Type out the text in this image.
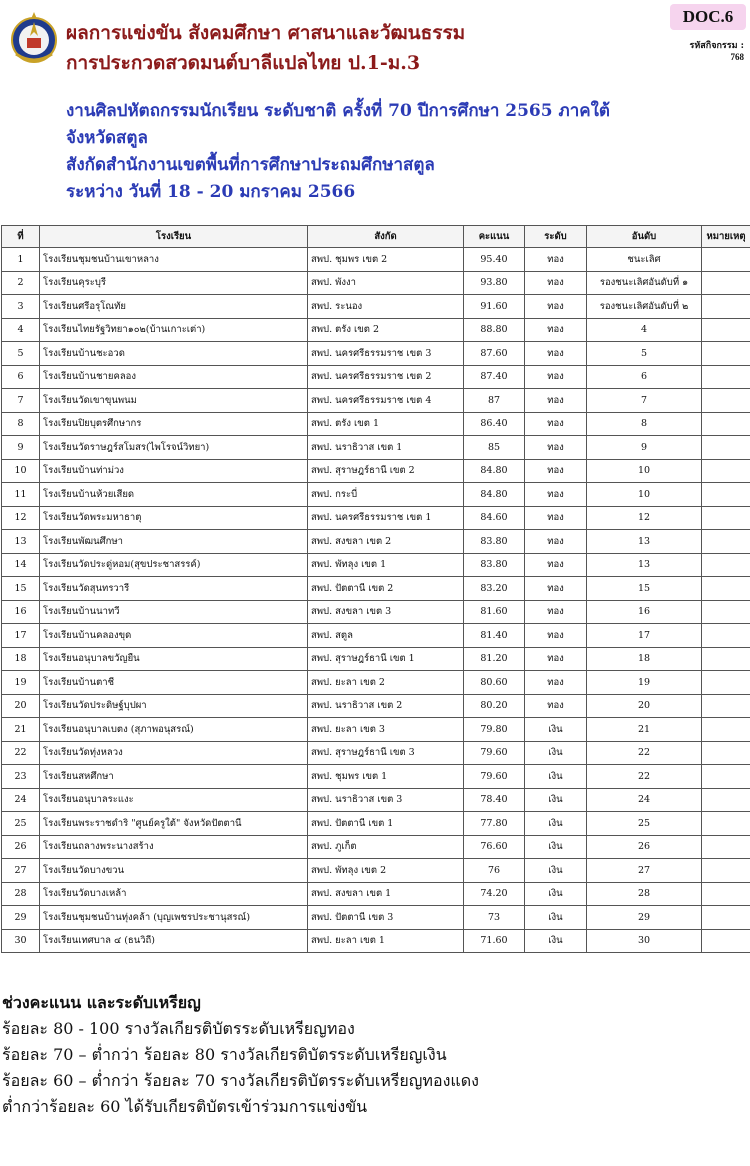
ผลการแข่งขัน สังคมศึกษา ศาสนาและวัฒนธรรม
การประกวดสวดมนต์บาลีแปลไทย ป.1-ม.3
DOC.6
รหัสกิจกรรม :
768
งานศิลปหัตถกรรมนักเรียน ระดับชาติ ครั้งที่ 70 ปีการศึกษา 2565 ภาคใต้
จังหวัดสตูล
สังกัดสำนักงานเขตพื้นที่การศึกษาประถมศึกษาสตูล
ระหว่าง วันที่ 18 - 20 มกราคม 2566
ที่	โรงเรียน	สังกัด	คะแนน	ระดับ	อันดับ	หมายเหตุ
1	โรงเรียนชุมชนบ้านเขาหลาง	สพป. ชุมพร เขต 2	95.40	ทอง	ชนะเลิศ	
2	โรงเรียนคุระบุรี	สพป. พังงา	93.80	ทอง	รองชนะเลิศอันดับที่ ๑	
3	โรงเรียนศรีอรุโณทัย	สพป. ระนอง	91.60	ทอง	รองชนะเลิศอันดับที่ ๒	
4	โรงเรียนไทยรัฐวิทยา๑๐๒(บ้านเกาะเต่า)	สพป. ตรัง เขต 2	88.80	ทอง	4	
5	โรงเรียนบ้านชะอวด	สพป. นครศรีธรรมราช เขต 3	87.60	ทอง	5	
6	โรงเรียนบ้านชายคลอง	สพป. นครศรีธรรมราช เขต 2	87.40	ทอง	6	
7	โรงเรียนวัดเขาขุนพนม	สพป. นครศรีธรรมราช เขต 4	87	ทอง	7	
8	โรงเรียนปิยบุตรศึกษากร	สพป. ตรัง เขต 1	86.40	ทอง	8	
9	โรงเรียนวัดราษฎร์สโมสร(ไพโรจน์วิทยา)	สพป. นราธิวาส เขต 1	85	ทอง	9	
10	โรงเรียนบ้านท่าม่วง	สพป. สุราษฎร์ธานี เขต 2	84.80	ทอง	10	
11	โรงเรียนบ้านห้วยเสียด	สพป. กระบี่	84.80	ทอง	10	
12	โรงเรียนวัดพระมหาธาตุ	สพป. นครศรีธรรมราช เขต 1	84.60	ทอง	12	
13	โรงเรียนพัฒนศึกษา	สพป. สงขลา เขต 2	83.80	ทอง	13	
14	โรงเรียนวัดประดู่หอม(สุขประชาสรรค์)	สพป. พัทลุง เขต 1	83.80	ทอง	13	
15	โรงเรียนวัดสุนทรวารี	สพป. ปัตตานี เขต 2	83.20	ทอง	15	
16	โรงเรียนบ้านนาทวี	สพป. สงขลา เขต 3	81.60	ทอง	16	
17	โรงเรียนบ้านคลองขุด	สพป. สตูล	81.40	ทอง	17	
18	โรงเรียนอนุบาลขวัญยืน	สพป. สุราษฎร์ธานี เขต 1	81.20	ทอง	18	
19	โรงเรียนบ้านตาชี	สพป. ยะลา เขต 2	80.60	ทอง	19	
20	โรงเรียนวัดประดิษฐ์บุปผา	สพป. นราธิวาส เขต 2	80.20	ทอง	20	
21	โรงเรียนอนุบาลเบตง (สุภาพอนุสรณ์)	สพป. ยะลา เขต 3	79.80	เงิน	21	
22	โรงเรียนวัดทุ่งหลวง	สพป. สุราษฎร์ธานี เขต 3	79.60	เงิน	22	
23	โรงเรียนสหศึกษา	สพป. ชุมพร เขต 1	79.60	เงิน	22	
24	โรงเรียนอนุบาลระแงะ	สพป. นราธิวาส เขต 3	78.40	เงิน	24	
25	โรงเรียนพระราชดำริ "ศูนย์ครูใต้" จังหวัดปัตตานี	สพป. ปัตตานี เขต 1	77.80	เงิน	25	
26	โรงเรียนถลางพระนางสร้าง	สพป. ภูเก็ต	76.60	เงิน	26	
27	โรงเรียนวัดบางขวน	สพป. พัทลุง เขต 2	76	เงิน	27	
28	โรงเรียนวัดบางเหล้า	สพป. สงขลา เขต 1	74.20	เงิน	28	
29	โรงเรียนชุมชนบ้านทุ่งคล้า (บุญเพชรประชานุสรณ์)	สพป. ปัตตานี เขต 3	73	เงิน	29	
30	โรงเรียนเทศบาล ๔ (ธนวิถี)	สพป. ยะลา เขต 1	71.60	เงิน	30	
ช่วงคะแนน และระดับเหรียญ
ร้อยละ 80 - 100 รางวัลเกียรติบัตรระดับเหรียญทอง
ร้อยละ 70 – ต่ำกว่า ร้อยละ 80 รางวัลเกียรติบัตรระดับเหรียญเงิน
ร้อยละ 60 – ต่ำกว่า ร้อยละ 70 รางวัลเกียรติบัตรระดับเหรียญทองแดง
ต่ำกว่าร้อยละ 60 ได้รับเกียรติบัตรเข้าร่วมการแข่งขัน
